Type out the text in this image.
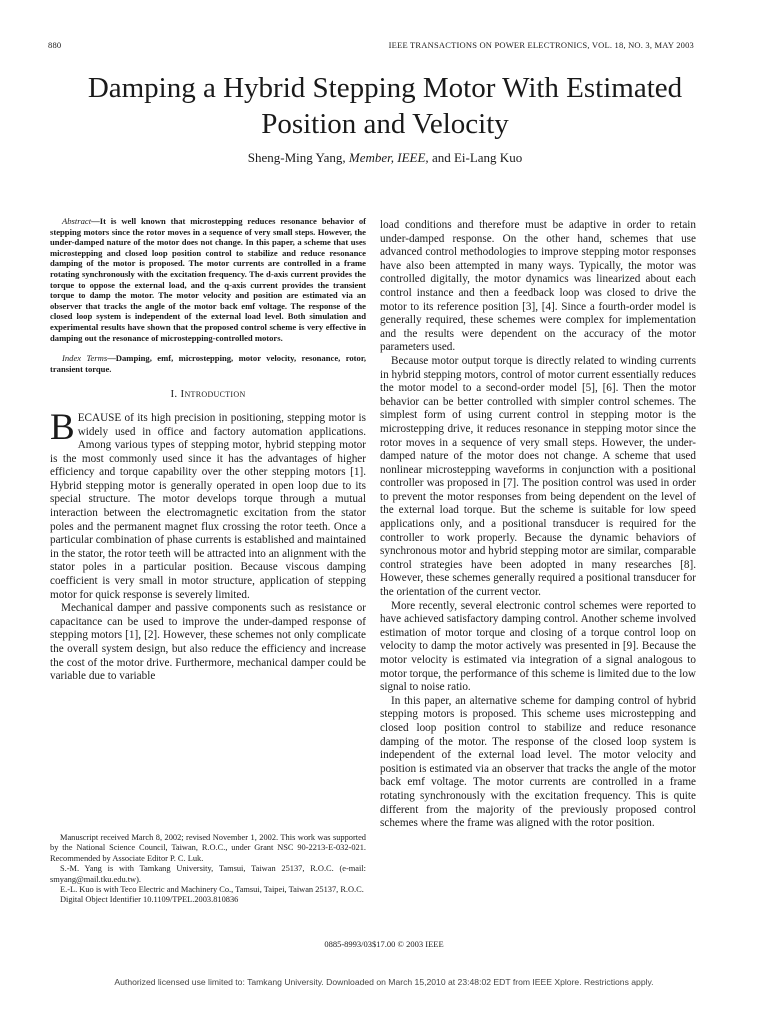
880	IEEE TRANSACTIONS ON POWER ELECTRONICS, VOL. 18, NO. 3, MAY 2003
Damping a Hybrid Stepping Motor With Estimated Position and Velocity
Sheng-Ming Yang, Member, IEEE, and Ei-Lang Kuo

Abstract—It is well known that microstepping reduces resonance behavior of stepping motors since the rotor moves in a sequence of very small steps. However, the under-damped nature of the motor does not change. In this paper, a scheme that uses microstepping and closed loop position control to stabilize and reduce resonance damping of the motor is proposed. The motor currents are controlled in a frame rotating synchronously with the excitation frequency. The d-axis current provides the torque to oppose the external load, and the q-axis current provides the transient torque to damp the motor. The motor velocity and position are estimated via an observer that tracks the angle of the motor back emf voltage. The response of the closed loop system is independent of the external load level. Both simulation and experimental results have shown that the proposed control scheme is very effective in damping out the resonance of microstepping-controlled motors.

Index Terms—Damping, emf, microstepping, motor velocity, resonance, rotor, transient torque.

I. Introduction

BECAUSE of its high precision in positioning, stepping motor is widely used in office and factory automation applications. Among various types of stepping motor, hybrid stepping motor is the most commonly used since it has the advantages of higher efficiency and torque capability over the other stepping motors [1]. Hybrid stepping motor is generally operated in open loop due to its special structure. The motor develops torque through a mutual interaction between the electromagnetic excitation from the stator poles and the permanent magnet flux crossing the rotor teeth. Once a particular combination of phase currents is established and maintained in the stator, the rotor teeth will be attracted into an alignment with the stator poles in a particular position. Because viscous damping coefficient is very small in motor structure, application of stepping motor for quick response is severely limited.

Mechanical damper and passive components such as resistance or capacitance can be used to improve the under-damped response of stepping motors [1], [2]. However, these schemes not only complicate the overall system design, but also reduce the efficiency and increase the cost of the motor drive. Furthermore, mechanical damper could be variable due to variable

Manuscript received March 8, 2002; revised November 1, 2002. This work was supported by the National Science Council, Taiwan, R.O.C., under Grant NSC 90-2213-E-032-021. Recommended by Associate Editor P. C. Luk.

S.-M. Yang is with Tamkang University, Tamsui, Taiwan 25137, R.O.C. (e-mail: smyang@mail.tku.edu.tw).

E.-L. Kuo is with Teco Electric and Machinery Co., Tamsui, Taipei, Taiwan 25137, R.O.C.

Digital Object Identifier 10.1109/TPEL.2003.810836

load conditions and therefore must be adaptive in order to retain under-damped response. On the other hand, schemes that use advanced control methodologies to improve stepping motor responses have also been attempted in many ways. Typically, the motor was controlled digitally, the motor dynamics was linearized about each control instance and then a feedback loop was closed to drive the motor to its reference position [3], [4]. Since a fourth-order model is generally required, these schemes were complex for implementation and the results were dependent on the accuracy of the motor parameters used.

Because motor output torque is directly related to winding currents in hybrid stepping motors, control of motor current essentially reduces the motor model to a second-order model [5], [6]. Then the motor behavior can be better controlled with simpler control schemes. The simplest form of using current control in stepping motor is the microstepping drive, it reduces resonance in stepping motor since the rotor moves in a sequence of very small steps. However, the under-damped nature of the motor does not change. A scheme that used nonlinear microstepping waveforms in conjunction with a positional controller was proposed in [7]. The position control was used in order to prevent the motor responses from being dependent on the level of the external load torque. But the scheme is suitable for low speed applications only, and a positional transducer is required for the controller to work properly. Because the dynamic behaviors of synchronous motor and hybrid stepping motor are similar, comparable control strategies have been adopted in many researches [8]. However, these schemes generally required a positional transducer for the orientation of the current vector.

More recently, several electronic control schemes were reported to have achieved satisfactory damping control. Another scheme involved estimation of motor torque and closing of a torque control loop on velocity to damp the motor actively was presented in [9]. Because the motor velocity is estimated via integration of a signal analogous to motor torque, the performance of this scheme is limited due to the low signal to noise ratio.

In this paper, an alternative scheme for damping control of hybrid stepping motors is proposed. This scheme uses microstepping and closed loop position control to stabilize and reduce resonance damping of the motor. The response of the closed loop system is independent of the external load level. The motor velocity and position is estimated via an observer that tracks the angle of the motor back emf voltage. The motor currents are controlled in a frame rotating synchronously with the excitation frequency. This is quite different from the majority of the previously proposed control schemes where the frame was aligned with the rotor position.

0885-8993/03$17.00 © 2003 IEEE
Authorized licensed use limited to: Tamkang University. Downloaded on March 15,2010 at 23:48:02 EDT from IEEE Xplore. Restrictions apply.
